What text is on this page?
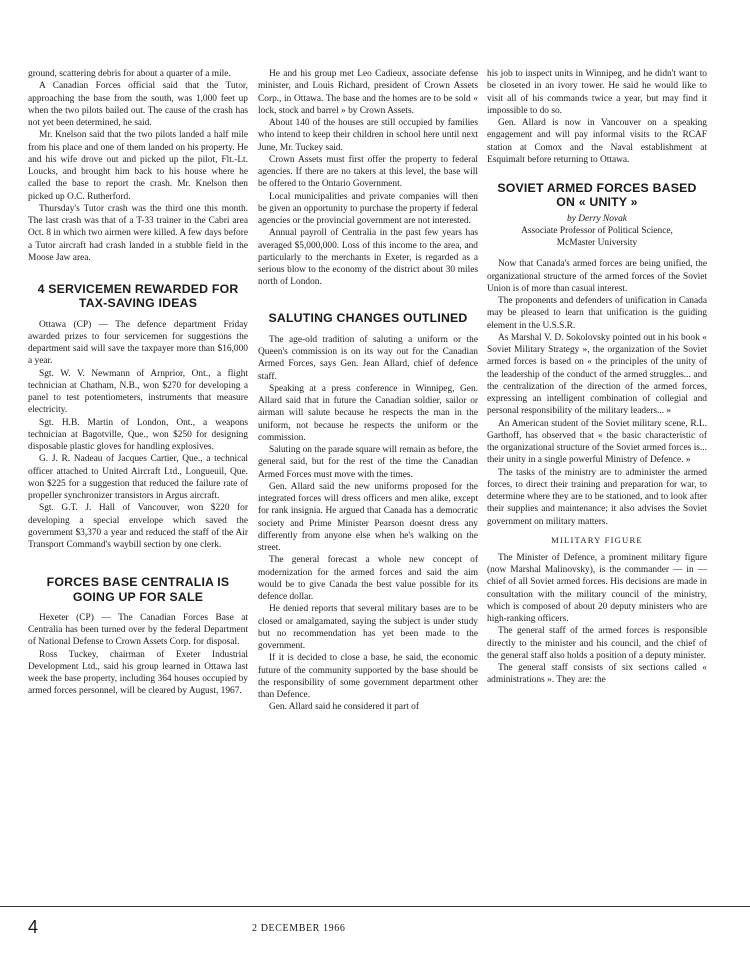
ground, scattering debris for about a quarter of a mile.

A Canadian Forces official said that the Tutor, approaching the base from the south, was 1,000 feet up when the two pilots bailed out. The cause of the crash has not yet been determined, he said.

Mr. Knelson said that the two pilots landed a half mile from his place and one of them landed on his property. He and his wife drove out and picked up the pilot, Flt.-Lt. Loucks, and brought him back to his house where he called the base to report the crash. Mr. Knelson then picked up O.C. Rutherford.

Thursday's Tutor crash was the third one this month. The last crash was that of a T-33 trainer in the Cabri area Oct. 8 in which two airmen were killed. A few days before a Tutor aircraft had crash landed in a stubble field in the Moose Jaw area.

4 SERVICEMEN REWARDED FOR TAX-SAVING IDEAS

Ottawa (CP) — The defence department Friday awarded prizes to four servicemen for suggestions the department said will save the taxpayer more than $16,000 a year.

Sgt. W. V. Newmann of Arnprior, Ont., a flight technician at Chatham, N.B., won $270 for developing a panel to test potentiometers, instruments that measure electricity.

Sgt. H.B. Martin of London, Ont., a weapons technician at Bagotville, Que., won $250 for designing disposable plastic gloves for handling explosives.

G. J. R. Nadeau of Jacques Cartier, Que., a technical officer attached to United Aircraft Ltd., Longueuil, Que. won $225 for a suggestion that reduced the failure rate of propeller synchronizer transistors in Argus aircraft.

Sgt. G.T. J. Hall of Vancouver, won $220 for developing a special envelope which saved the government $3,370 a year and reduced the staff of the Air Transport Command's waybill section by one clerk.

FORCES BASE CENTRALIA IS GOING UP FOR SALE

Hexeter (CP) — The Canadian Forces Base at Centralia has been turned over by the federal Department of National Defense to Crown Assets Corp. for disposal.

Ross Tuckey, chairman of Exeter Industrial Development Ltd., said his group learned in Ottawa last week the base property, including 364 houses occupied by armed forces personnel, will be cleared by August, 1967.

He and his group met Leo Cadieux, associate defense minister, and Louis Richard, president of Crown Assets Corp., in Ottawa. The base and the homes are to be sold « lock, stock and barrel » by Crown Assets.

About 140 of the houses are still occupied by families who intend to keep their children in school here until next June, Mr. Tuckey said.

Crown Assets must first offer the property to federal agencies. If there are no takers at this level, the base will be offered to the Ontario Government.

Local municipalities and private companies will then be given an opportunity to purchase the property if federal agencies or the provincial government are not interested.

Annual payroll of Centralia in the past few years has averaged $5,000,000. Loss of this income to the area, and particularly to the merchants in Exeter, is regarded as a serious blow to the economy of the district about 30 miles north of London.

SALUTING CHANGES OUTLINED

The age-old tradition of saluting a uniform or the Queen's commission is on its way out for the Canadian Armed Forces, says Gen. Jean Allard, chief of defence staff.

Speaking at a press conference in Winnipeg, Gen. Allard said that in future the Canadian soldier, sailor or airman will salute because he respects the man in the uniform, not because he respects the uniform or the commission.

Saluting on the parade square will remain as before, the general said, but for the rest of the time the Canadian Armed Forces must move with the times.

Gen. Allard said the new uniforms proposed for the integrated forces will dress officers and men alike, except for rank insignia. He argued that Canada has a democratic society and Prime Minister Pearson doesnt dress any differently from anyone else when he's walking on the street.

The general forecast a whole new concept of modernization for the armed forces and said the aim would be to give Canada the best value possible for its defence dollar.

He denied reports that several military bases are to be closed or amalgamated, saying the subject is under study but no recommendation has yet been made to the government.

If it is decided to close a base, he said, the economic future of the community supported by the base should be the responsibility of some government department other than Defence.

Gen. Allard said he considered it part of

his job to inspect units in Winnipeg, and he didn't want to be closeted in an ivory tower. He said he would like to visit all of his commands twice a year, but may find it impossible to do so.

Gen. Allard is now in Vancouver on a speaking engagement and will pay informal visits to the RCAF station at Comox and the Naval establishment at Esquimalt before returning to Ottawa.

SOVIET ARMED FORCES BASED ON « UNITY »
by Derry Novak
Associate Professor of Political Science,
McMaster University

Now that Canada's armed forces are being unified, the organizational structure of the armed forces of the Soviet Union is of more than casual interest.

The proponents and defenders of unification in Canada may be pleased to learn that unification is the guiding element in the U.S.S.R.

As Marshal V. D. Sokolovsky pointed out in his book « Soviet Military Strategy », the organization of the Soviet armed forces is based on « the principles of the unity of the leadership of the conduct of the armed struggles... and the centralization of the direction of the armed forces, expressing an intelligent combination of collegial and personal responsibility of the military leaders... »

An American student of the Soviet military scene, R.L. Garthoff, has observed that « the basic characteristic of the organizational structure of the Soviet armed forces is... their unity in a single powerful Ministry of Defence. »

The tasks of the ministry are to administer the armed forces, to direct their training and preparation for war, to determine where they are to be stationed, and to look after their supplies and maintenance; it also advises the Soviet government on military matters.

MILITARY FIGURE

The Minister of Defence, a prominent military figure (now Marshal Malinovsky), is the commander — in — chief of all Soviet armed forces. His decisions are made in consultation with the military council of the ministry, which is composed of about 20 deputy ministers who are high-ranking officers.

The general staff of the armed forces is responsible directly to the minister and his council, and the chief of the general staff also holds a position of a deputy minister.

The general staff consists of six sections called « administrations ». They are: the

4	2 DECEMBER 1966
